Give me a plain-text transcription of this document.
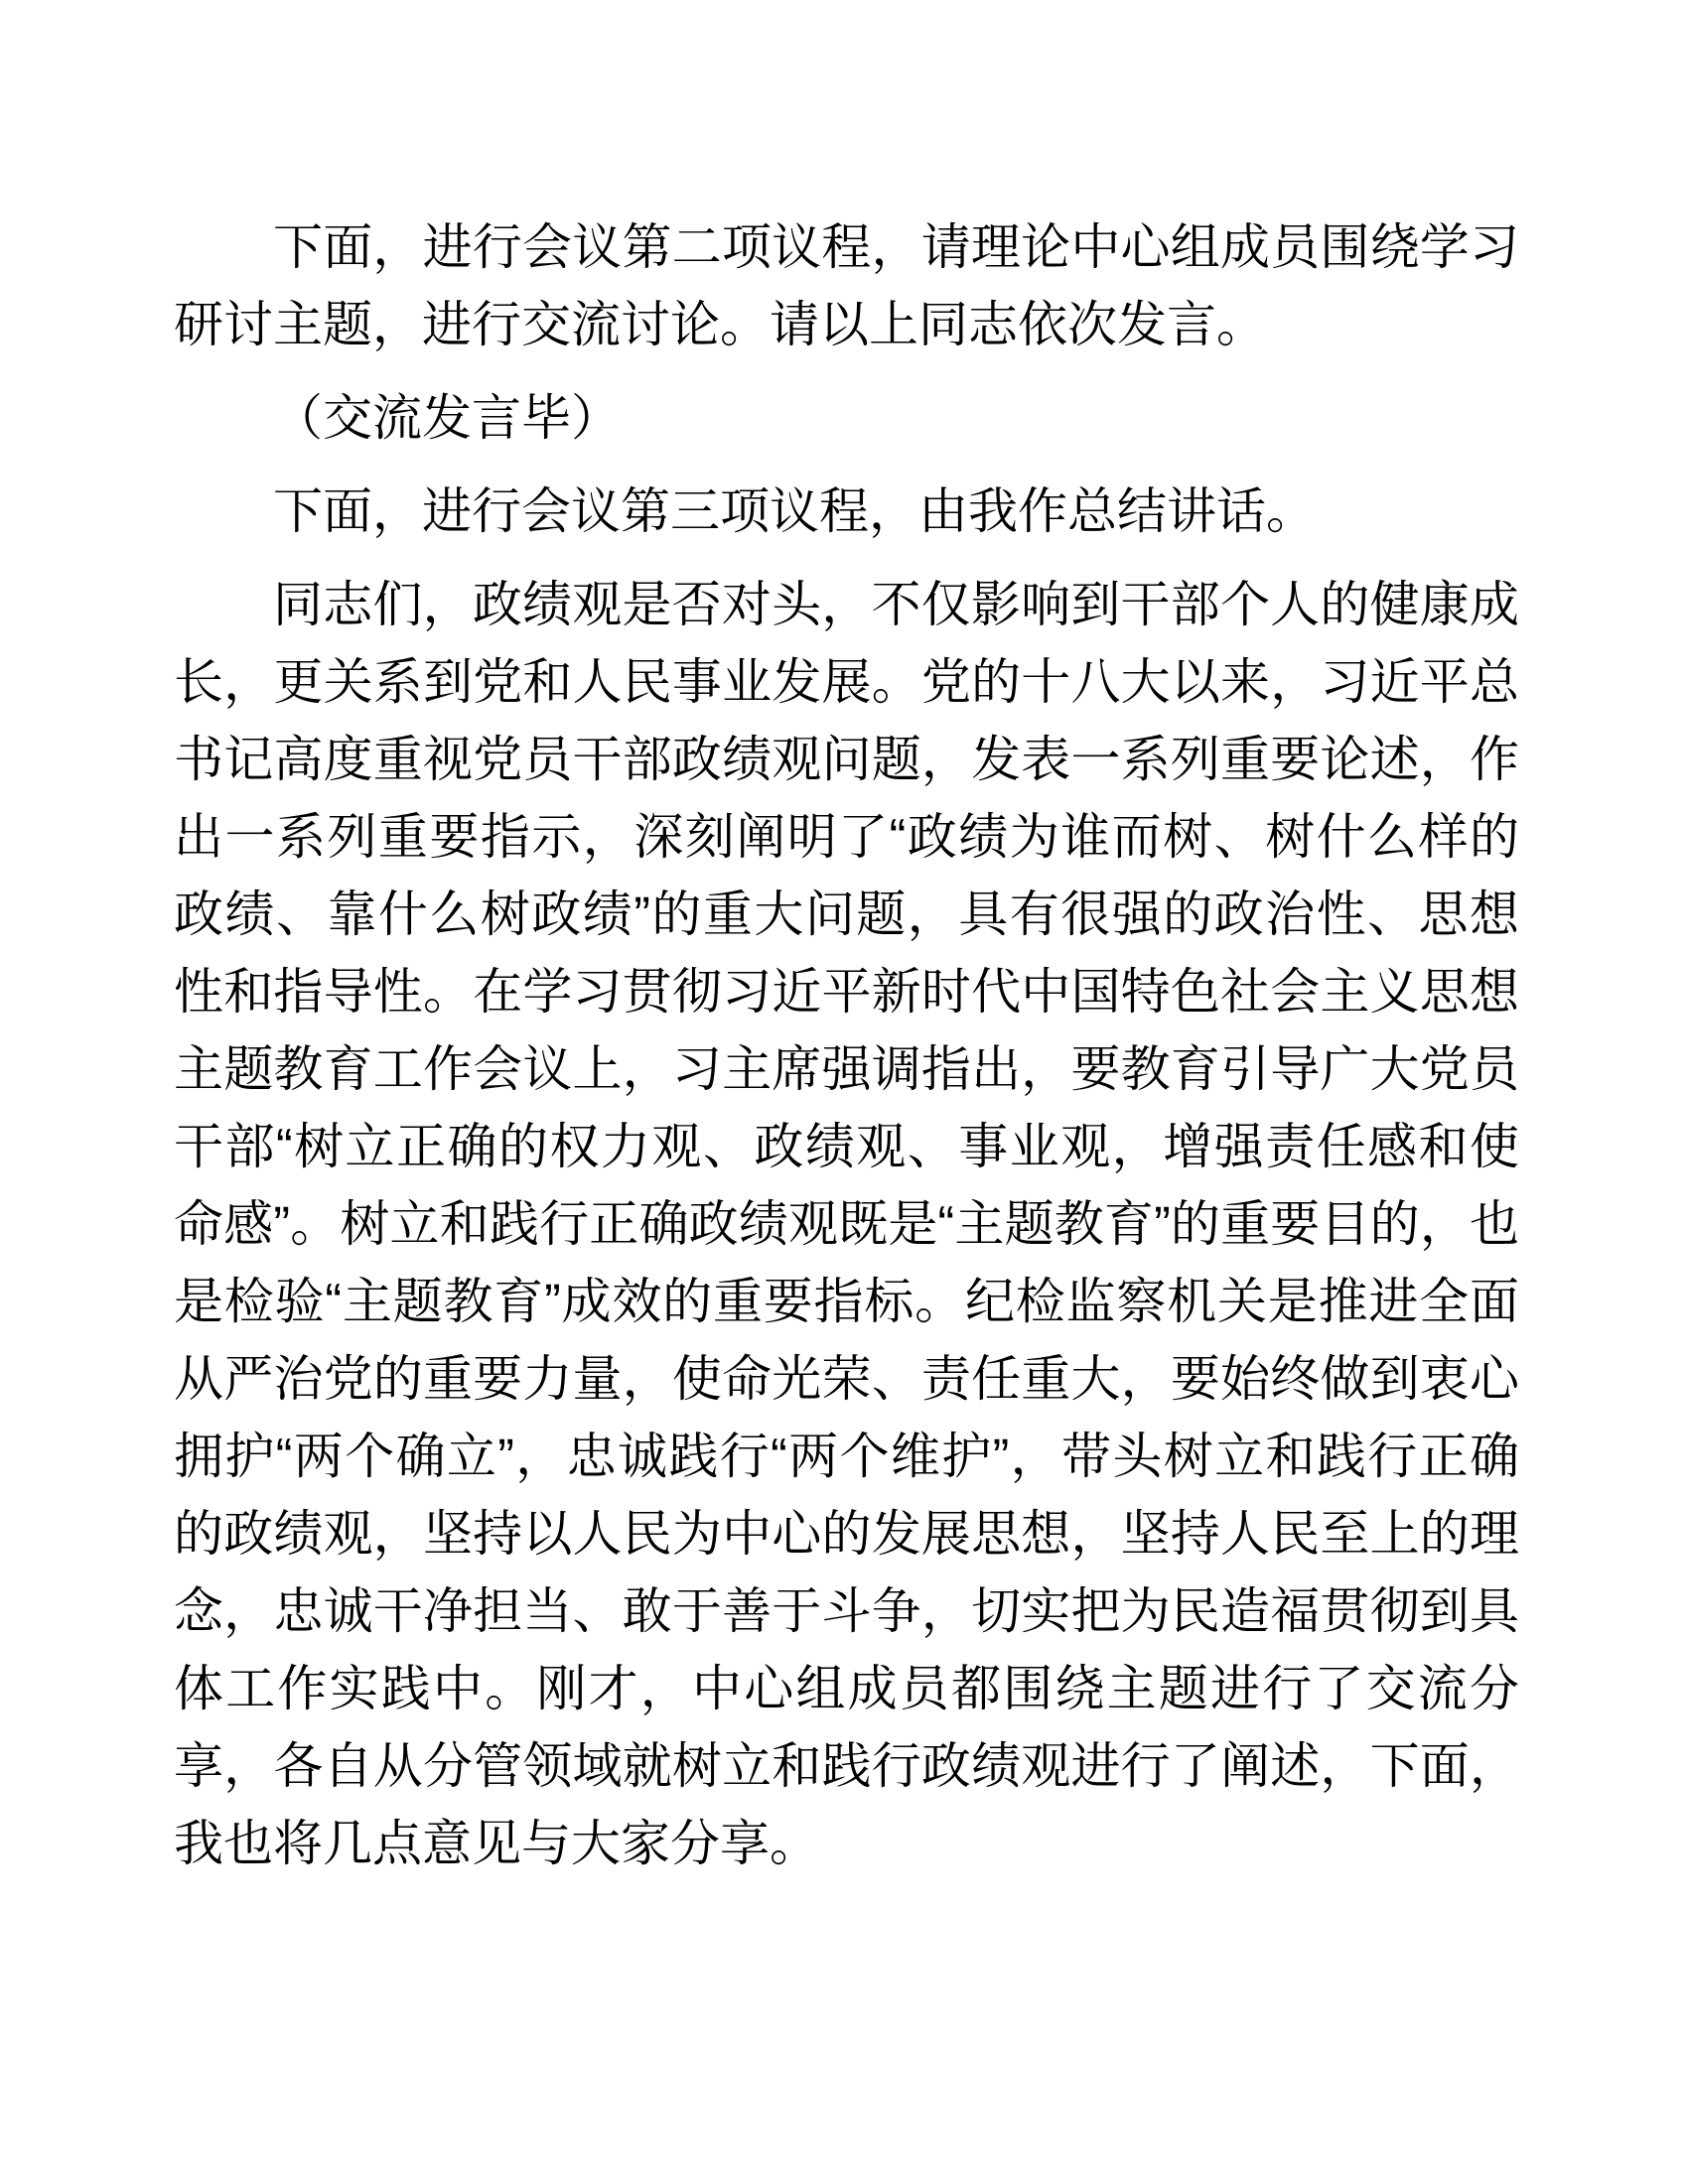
下面，进行会议第二项议程，请理论中心组成员围绕学习研讨主题，进行交流讨论。请以上同志依次发言。

（交流发言毕）

下面，进行会议第三项议程，由我作总结讲话。

同志们，政绩观是否对头，不仅影响到干部个人的健康成长，更关系到党和人民事业发展。党的十八大以来，习近平总书记高度重视党员干部政绩观问题，发表一系列重要论述，作出一系列重要指示，深刻阐明了“政绩为谁而树、树什么样的政绩、靠什么树政绩”的重大问题，具有很强的政治性、思想性和指导性。在学习贯彻习近平新时代中国特色社会主义思想主题教育工作会议上，习主席强调指出，要教育引导广大党员干部“树立正确的权力观、政绩观、事业观，增强责任感和使命感”。树立和践行正确政绩观既是“主题教育”的重要目的，也是检验“主题教育”成效的重要指标。纪检监察机关是推进全面从严治党的重要力量，使命光荣、责任重大，要始终做到衷心拥护“两个确立”，忠诚践行“两个维护”，带头树立和践行正确的政绩观，坚持以人民为中心的发展思想，坚持人民至上的理念，忠诚干净担当、敢于善于斗争，切实把为民造福贯彻到具体工作实践中。刚才，中心组成员都围绕主题进行了交流分享，各自从分管领域就树立和践行政绩观进行了阐述，下面，我也将几点意见与大家分享。
